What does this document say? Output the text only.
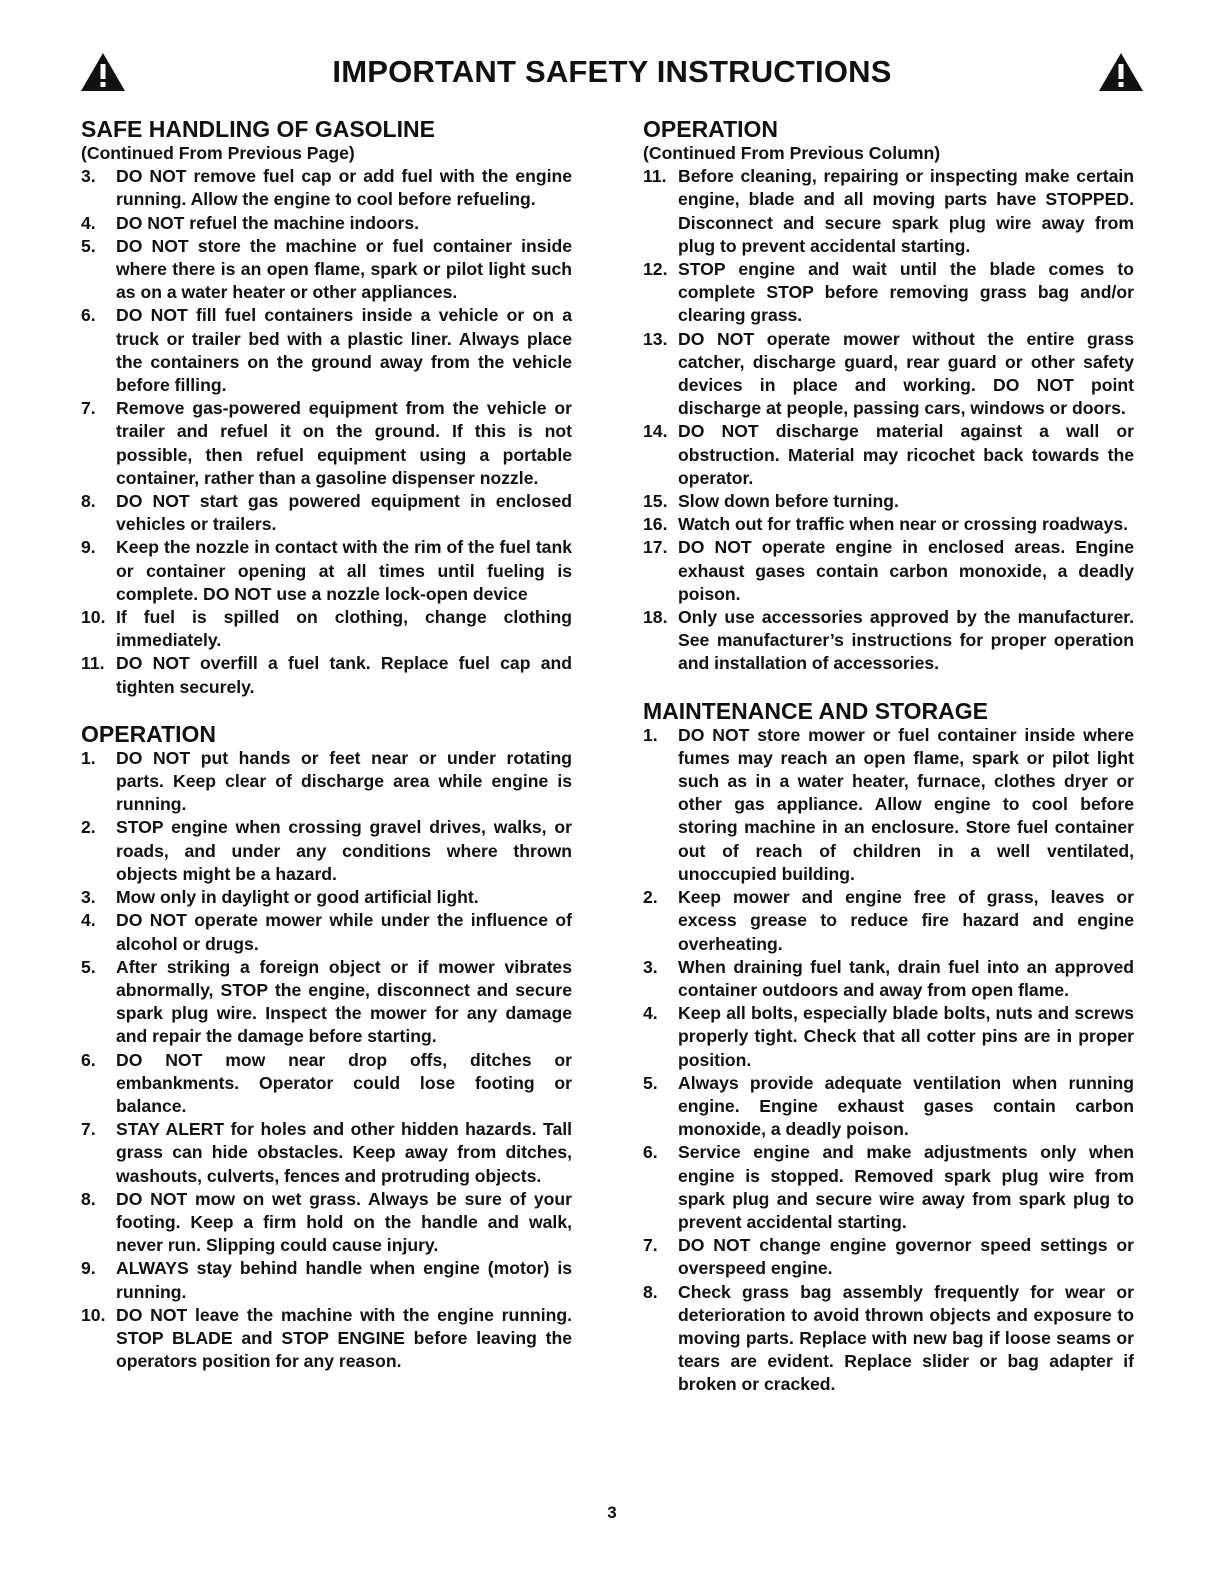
IMPORTANT SAFETY INSTRUCTIONS
SAFE HANDLING OF GASOLINE
(Continued From Previous Page)
3. DO NOT remove fuel cap or add fuel with the engine running. Allow the engine to cool before refueling.
4. DO NOT refuel the machine indoors.
5. DO NOT store the machine or fuel container inside where there is an open flame, spark or pilot light such as on a water heater or other appliances.
6. DO NOT fill fuel containers inside a vehicle or on a truck or trailer bed with a plastic liner. Always place the containers on the ground away from the vehicle before filling.
7. Remove gas-powered equipment from the vehicle or trailer and refuel it on the ground. If this is not possible, then refuel equipment using a portable container, rather than a gasoline dispenser nozzle.
8. DO NOT start gas powered equipment in enclosed vehicles or trailers.
9. Keep the nozzle in contact with the rim of the fuel tank or container opening at all times until fueling is complete. DO NOT use a nozzle lock-open device
10. If fuel is spilled on clothing, change clothing immediately.
11. DO NOT overfill a fuel tank. Replace fuel cap and tighten securely.
OPERATION
1. DO NOT put hands or feet near or under rotating parts. Keep clear of discharge area while engine is running.
2. STOP engine when crossing gravel drives, walks, or roads, and under any conditions where thrown objects might be a hazard.
3. Mow only in daylight or good artificial light.
4. DO NOT operate mower while under the influence of alcohol or drugs.
5. After striking a foreign object or if mower vibrates abnormally, STOP the engine, disconnect and secure spark plug wire. Inspect the mower for any damage and repair the damage before starting.
6. DO NOT mow near drop offs, ditches or embankments. Operator could lose footing or balance.
7. STAY ALERT for holes and other hidden hazards. Tall grass can hide obstacles. Keep away from ditches, washouts, culverts, fences and protruding objects.
8. DO NOT mow on wet grass. Always be sure of your footing. Keep a firm hold on the handle and walk, never run. Slipping could cause injury.
9. ALWAYS stay behind handle when engine (motor) is running.
10. DO NOT leave the machine with the engine running. STOP BLADE and STOP ENGINE before leaving the operators position for any reason.
OPERATION
(Continued From Previous Column)
11. Before cleaning, repairing or inspecting make certain engine, blade and all moving parts have STOPPED. Disconnect and secure spark plug wire away from plug to prevent accidental starting.
12. STOP engine and wait until the blade comes to complete STOP before removing grass bag and/or clearing grass.
13. DO NOT operate mower without the entire grass catcher, discharge guard, rear guard or other safety devices in place and working. DO NOT point discharge at people, passing cars, windows or doors.
14. DO NOT discharge material against a wall or obstruction. Material may ricochet back towards the operator.
15. Slow down before turning.
16. Watch out for traffic when near or crossing roadways.
17. DO NOT operate engine in enclosed areas. Engine exhaust gases contain carbon monoxide, a deadly poison.
18. Only use accessories approved by the manufacturer. See manufacturer’s instructions for proper operation and installation of accessories.
MAINTENANCE AND STORAGE
1. DO NOT store mower or fuel container inside where fumes may reach an open flame, spark or pilot light such as in a water heater, furnace, clothes dryer or other gas appliance. Allow engine to cool before storing machine in an enclosure. Store fuel container out of reach of children in a well ventilated, unoccupied building.
2. Keep mower and engine free of grass, leaves or excess grease to reduce fire hazard and engine overheating.
3. When draining fuel tank, drain fuel into an approved container outdoors and away from open flame.
4. Keep all bolts, especially blade bolts, nuts and screws properly tight. Check that all cotter pins are in proper position.
5. Always provide adequate ventilation when running engine. Engine exhaust gases contain carbon monoxide, a deadly poison.
6. Service engine and make adjustments only when engine is stopped. Removed spark plug wire from spark plug and secure wire away from spark plug to prevent accidental starting.
7. DO NOT change engine governor speed settings or overspeed engine.
8. Check grass bag assembly frequently for wear or deterioration to avoid thrown objects and exposure to moving parts. Replace with new bag if loose seams or tears are evident. Replace slider or bag adapter if broken or cracked.
3
